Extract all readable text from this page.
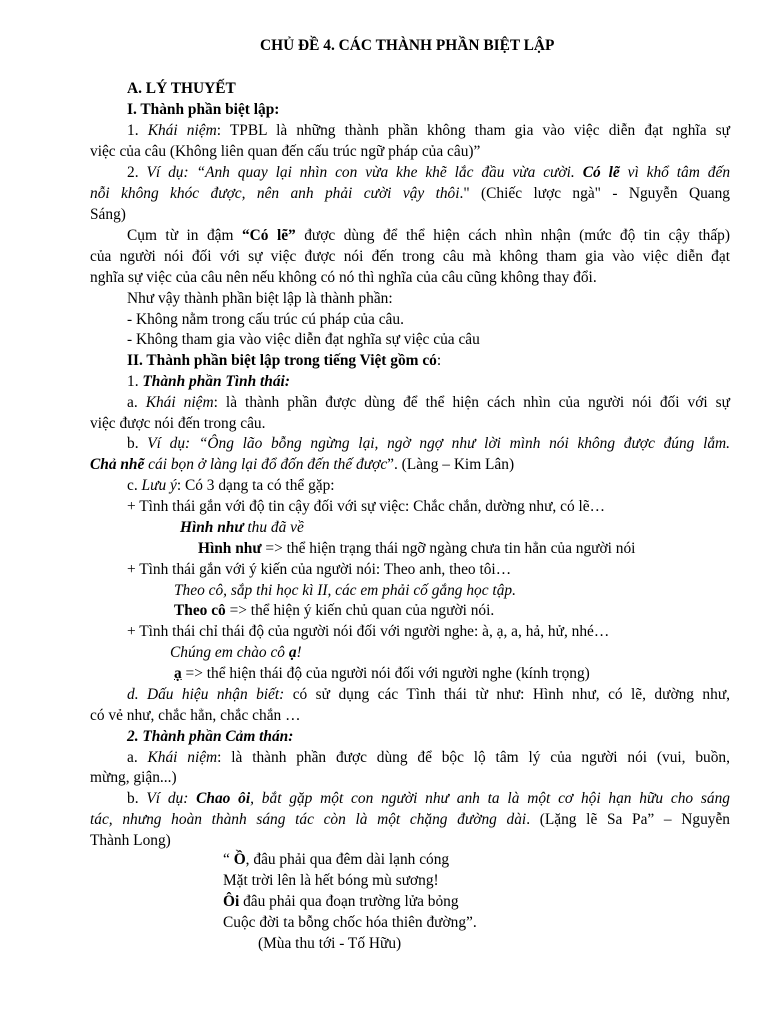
CHỦ ĐỀ 4. CÁC THÀNH PHẦN BIỆT LẬP
A. LÝ THUYẾT
I. Thành phần biệt lập:
1. Khái niệm: TPBL là những thành phần không tham gia vào việc diễn đạt nghĩa sự
việc của câu (Không liên quan đến cấu trúc ngữ pháp của câu)”
2. Ví dụ: “Anh quay lại nhìn con vừa khe khẽ lắc đầu vừa cười. Có lẽ vì khổ tâm đến
nỗi không khóc được, nên anh phải cười vậy thôi." (Chiếc lược ngà" - Nguyễn Quang
Sáng)
Cụm từ in đậm “Có lẽ” được dùng để thể hiện cách nhìn nhận (mức độ tin cậy thấp)
của người nói đối với sự việc được nói đến trong câu mà không tham gia vào việc diễn đạt
nghĩa sự việc của câu nên nếu không có nó thì nghĩa của câu cũng không thay đổi.
Như vậy thành phần biệt lập là thành phần:
- Không nằm trong cấu trúc cú pháp của câu.
- Không tham gia vào việc diễn đạt nghĩa sự việc của câu
II. Thành phần biệt lập trong tiếng Việt gồm có:
1. Thành phần Tình thái:
a. Khái niệm: là thành phần được dùng để thể hiện cách nhìn của người nói đối với sự
việc được nói đến trong câu.
b. Ví dụ: “Ông lão bỗng ngừng lại, ngờ ngợ như lời mình nói không được đúng lắm.
Chả nhẽ cái bọn ở làng lại đổ đốn đến thế được”. (Làng – Kim Lân)
c. Lưu ý: Có 3 dạng ta có thể gặp:
+ Tình thái gắn với độ tin cậy đối với sự việc: Chắc chắn, dường như, có lẽ…
Hình như thu đã về
Hình như => thể hiện trạng thái ngỡ ngàng chưa tin hẳn của người nói
+ Tình thái gắn với ý kiến của người nói: Theo anh, theo tôi…
Theo cô, sắp thi học kì II, các em phải cố gắng học tập.
Theo cô => thể hiện ý kiến chủ quan của người nói.
+ Tình thái chỉ thái độ của người nói đối với người nghe: à, ạ, a, hả, hử, nhé…
Chúng em chào cô ạ!
ạ => thể hiện thái độ của người nói đối với người nghe (kính trọng)
d. Dấu hiệu nhận biết: có sử dụng các Tình thái từ như: Hình như, có lẽ, dường như,
có vẻ như, chắc hẳn, chắc chắn …
2. Thành phần Cảm thán:
a. Khái niệm: là thành phần được dùng để bộc lộ tâm lý của người nói (vui, buồn,
mừng, giận...)
b. Ví dụ: Chao ôi, bắt gặp một con người như anh ta là một cơ hội hạn hữu cho sáng
tác, nhưng hoàn thành sáng tác còn là một chặng đường dài. (Lặng lẽ Sa Pa” – Nguyễn
Thành Long)
“ Ồ, đâu phải qua đêm dài lạnh cóng
Mặt trời lên là hết bóng mù sương!
Ôi đâu phải qua đoạn trường lửa bỏng
Cuộc đời ta bỗng chốc hóa thiên đường”.
(Mùa thu tới - Tố Hữu)
